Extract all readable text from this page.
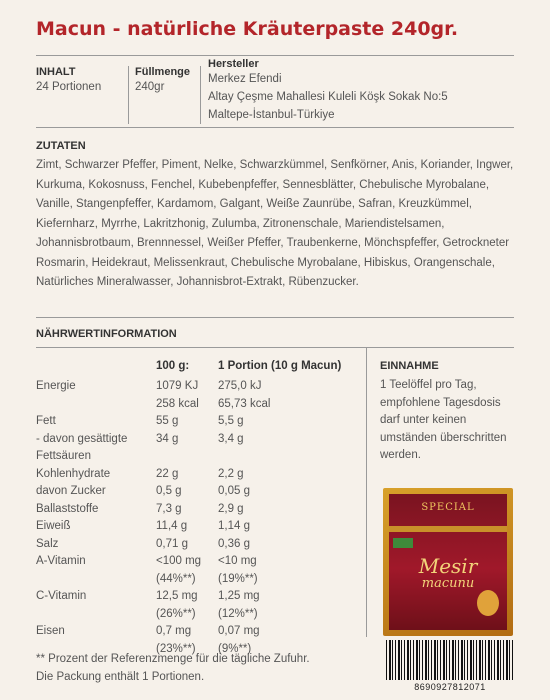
Macun - natürliche Kräuterpaste 240gr.
INHALT
24 Portionen
Füllmenge
240gr
Hersteller
Merkez Efendi
Altay Çeşme Mahallesi Kuleli Köşk Sokak No:5
Maltepe-İstanbul-Türkiye
ZUTATEN
Zimt, Schwarzer Pfeffer, Piment, Nelke, Schwarzkümmel, Senfkörner, Anis, Koriander, Ingwer, Kurkuma, Kokosnuss, Fenchel, Kubebenpfeffer, Sennesblätter, Chebulische Myrobalane, Vanille, Stangenpfeffer, Kardamom, Galgant, Weiße Zaunrübe, Safran, Kreuzkümmel, Kiefernharz, Myrrhe, Lakritzhonig, Zulumba, Zitronenschale, Mariendistelsamen, Johannisbrotbaum, Brennnessel, Weißer Pfeffer, Traubenkerne, Mönchspfeffer, Getrockneter Rosmarin, Heidekraut, Melissenkraut, Chebulische Myrobalane, Hibiskus, Orangenschale, Natürliches Mineralwasser, Johannisbrot-Extrakt, Rübenzucker.
NÄHRWERTINFORMATION
	100 g:	1 Portion (10 g Macun)
Energie	1079 KJ	275,0 kJ
	258 kcal	65,73 kcal
Fett	55 g	5,5 g
- davon gesättigte	34 g	3,4 g
Fettsäuren		
Kohlenhydrate	22 g	2,2 g
davon Zucker	0,5 g	0,05 g
Ballaststoffe	7,3 g	2,9 g
Eiweiß	11,4 g	1,14 g
Salz	0,71 g	0,36 g
A-Vitamin	<100 mg	<10 mg
	(44%**)	(19%**)
C-Vitamin	12,5 mg	1,25 mg
	(26%**)	(12%**)
Eisen	0,7 mg	0,07 mg
	(23%**)	(9%**)
EINNAHME
1 Teelöffel pro Tag, empfohlene Tagesdosis darf unter keinen umständen überschritten werden.
SPECIAL
Mesir
macunu
8690927812071
** Prozent der Referenzmenge für die tägliche Zufuhr.
Die Packung enthält 1 Portionen.
